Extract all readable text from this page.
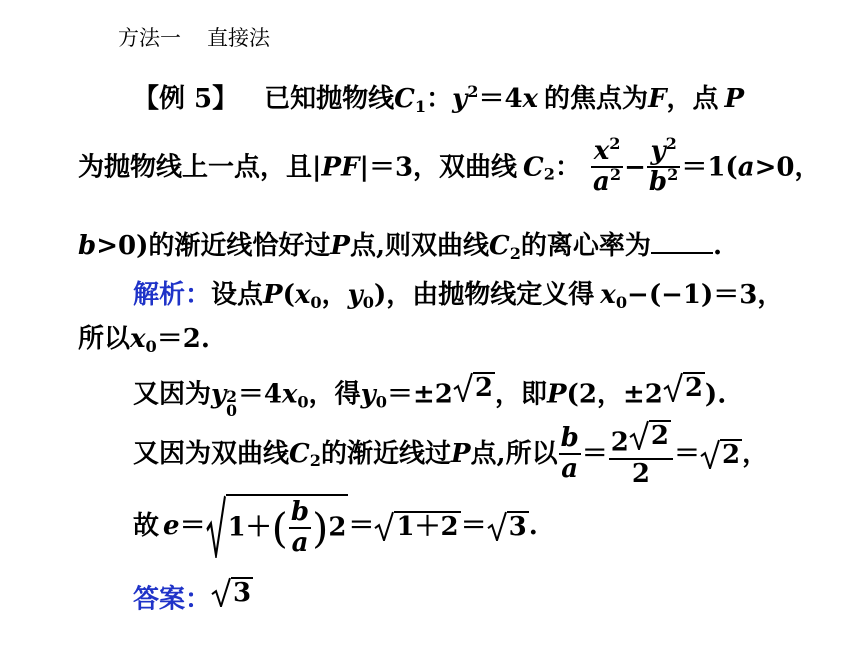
方法一 直接法
【例 5】 已知抛物线$C_1$：$y^2=4x$ 的焦点为F，点 P
为抛物线上一点，且|PF|＝3，双曲线 $C_2$： $\frac{x^2}{a^2} - \frac{y^2}{b^2} =1(a>0$，
b>0)的渐近线恰好过P点,则双曲线$C_2$的离心率为 .
解析：设点$P(x_0$，$y_0$)，由抛物线定义得 $x_0-(-1)=3$，
所以$x_0=2$.
又因为y 2
0
$=4x_0$，得$y_0=\pm 2$ 2 ，即P(2，±2 2 ).
又因为双曲线$C_2$的渐近线过P点,所以 $\frac{b}{a} = \frac{2 2}{2} = 2$ ，
故 $e= 1+( \frac{b}{a} )2 = 1+2 = 3$ .
答案： 3
